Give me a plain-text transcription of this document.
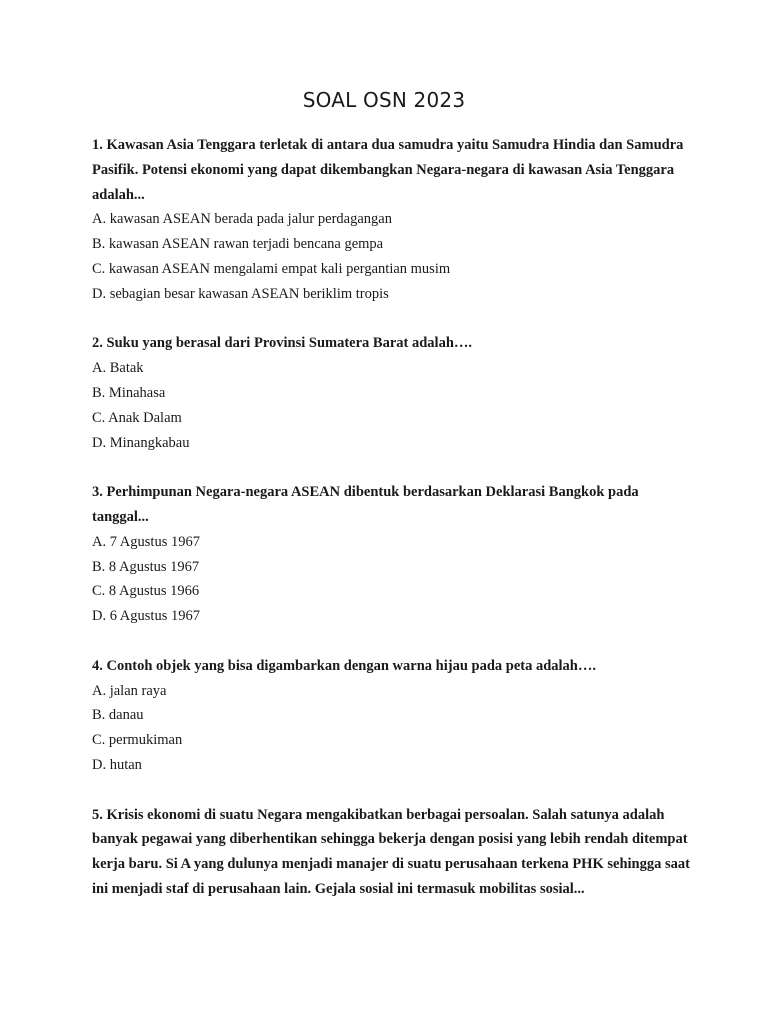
SOAL OSN 2023

1. Kawasan Asia Tenggara terletak di antara dua samudra yaitu Samudra Hindia dan Samudra Pasifik. Potensi ekonomi yang dapat dikembangkan Negara-negara di kawasan Asia Tenggara adalah...

A. kawasan ASEAN berada pada jalur perdagangan

B. kawasan ASEAN rawan terjadi bencana gempa

C. kawasan ASEAN mengalami empat kali pergantian musim

D. sebagian besar kawasan ASEAN beriklim tropis

2. Suku yang berasal dari Provinsi Sumatera Barat adalah….

A. Batak

B. Minahasa

C. Anak Dalam

D. Minangkabau

3. Perhimpunan Negara-negara ASEAN dibentuk berdasarkan Deklarasi Bangkok pada tanggal...

A. 7 Agustus 1967

B. 8 Agustus 1967

C. 8 Agustus 1966

D. 6 Agustus 1967

4. Contoh objek yang bisa digambarkan dengan warna hijau pada peta adalah….

A. jalan raya

B. danau

C. permukiman

D. hutan

5. Krisis ekonomi di suatu Negara mengakibatkan berbagai persoalan. Salah satunya adalah banyak pegawai yang diberhentikan sehingga bekerja dengan posisi yang lebih rendah ditempat kerja baru. Si A yang dulunya menjadi manajer di suatu perusahaan terkena PHK sehingga saat ini menjadi staf di perusahaan lain. Gejala sosial ini termasuk mobilitas sosial...
